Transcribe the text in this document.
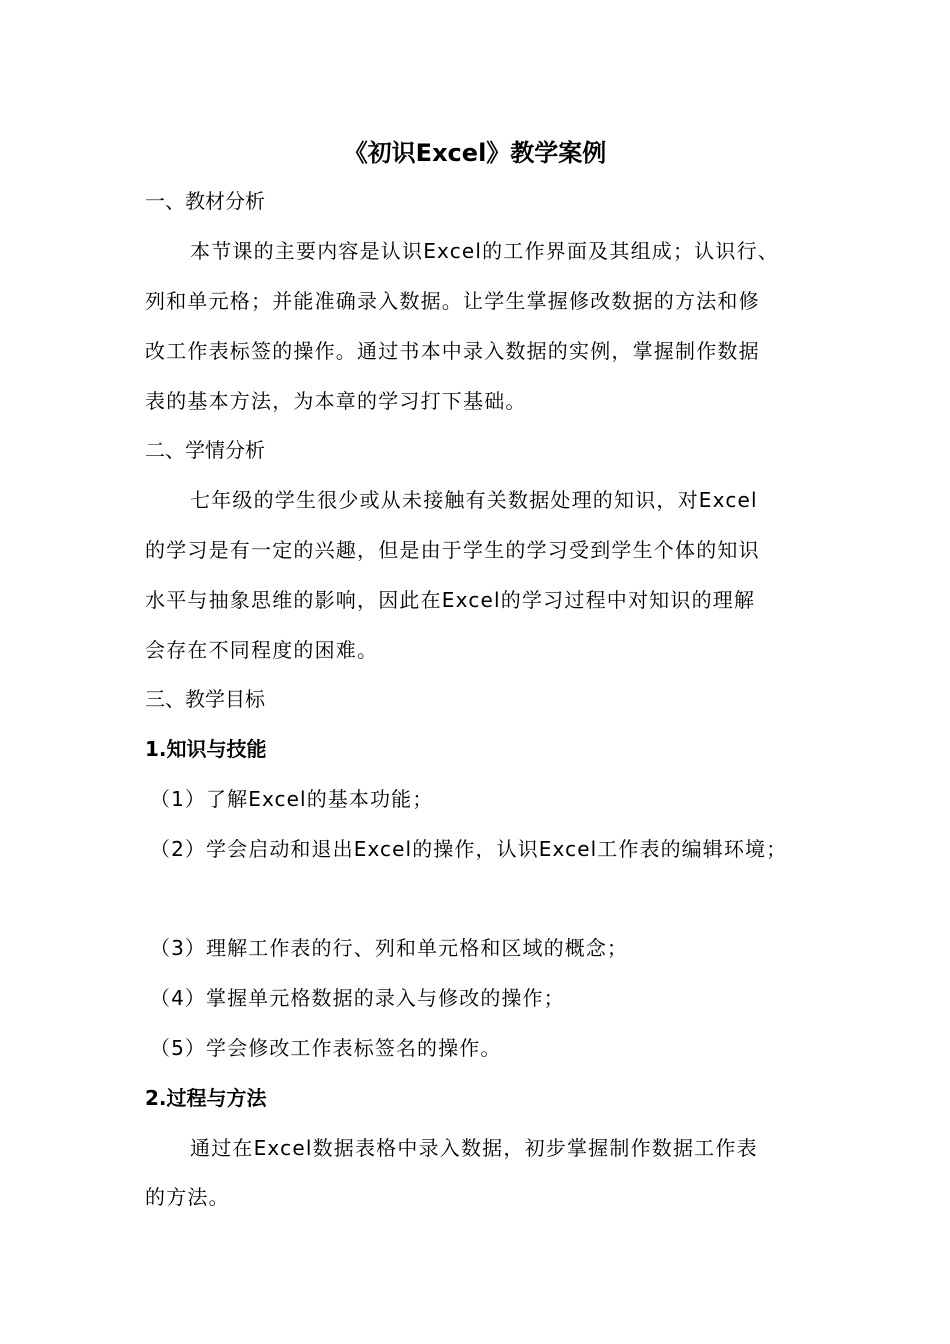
《初识Excel》教学案例
一、教材分析
本节课的主要内容是认识Excel的工作界面及其组成；认识行、
列和单元格；并能准确录入数据。让学生掌握修改数据的方法和修
改工作表标签的操作。通过书本中录入数据的实例，掌握制作数据
表的基本方法，为本章的学习打下基础。
二、学情分析
七年级的学生很少或从未接触有关数据处理的知识，对Excel
的学习是有一定的兴趣，但是由于学生的学习受到学生个体的知识
水平与抽象思维的影响，因此在Excel的学习过程中对知识的理解
会存在不同程度的困难。
三、教学目标
1.知识与技能
（1）了解Excel的基本功能；
（2）学会启动和退出Excel的操作，认识Excel工作表的编辑环境；
（3）理解工作表的行、列和单元格和区域的概念；
（4）掌握单元格数据的录入与修改的操作；
（5）学会修改工作表标签名的操作。
2.过程与方法
通过在Excel数据表格中录入数据，初步掌握制作数据工作表
的方法。
